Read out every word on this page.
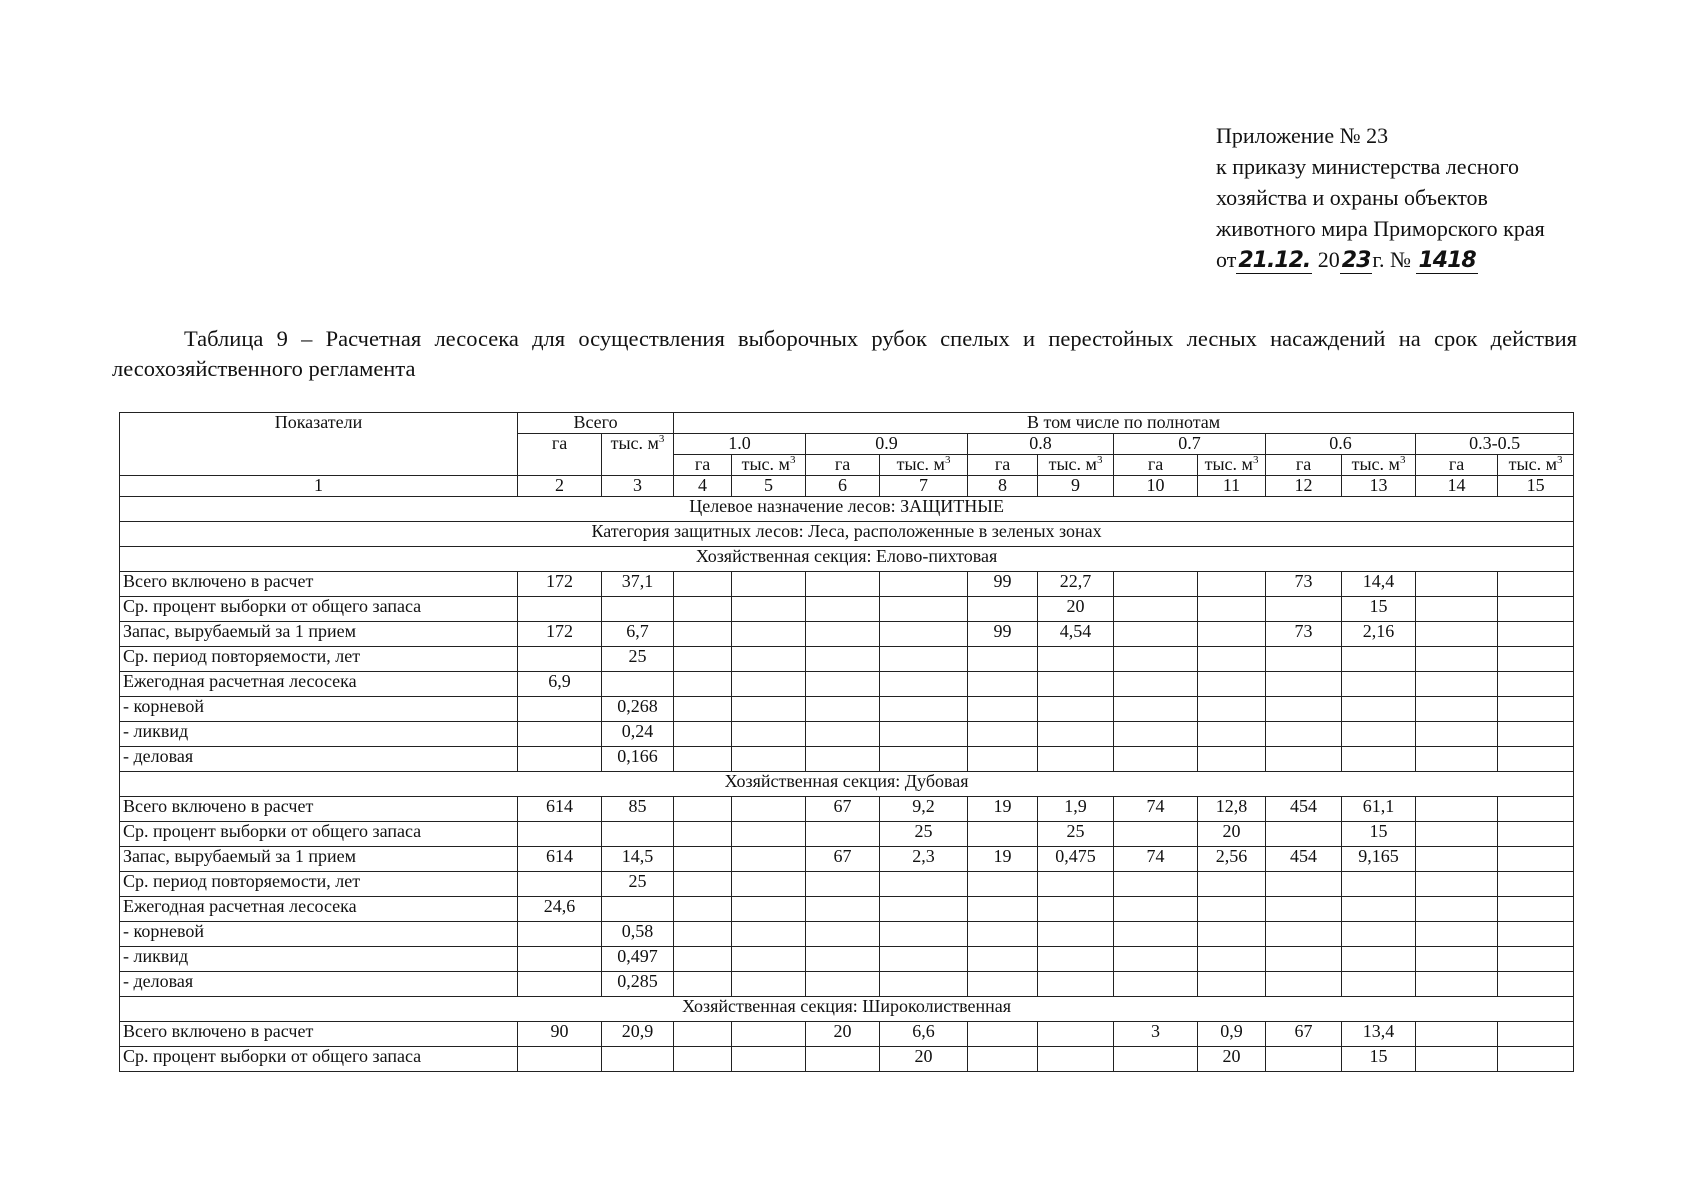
Приложение № 23
к приказу министерства лесного
хозяйства и охраны объектов
животного мира Приморского края
от21.12. 2023г. № 1418
Таблица 9 – Расчетная лесосека для осуществления выборочных рубок спелых и перестойных лесных насаждений на срок действия лесохозяйственного регламента
Показатели	Всего		В том числе по полнотам											
	га	тыс. $м^3$	1.0		0.9		0.8		0.7		0.6		0.3-0.5	
			га	тыс. $м^3$	га	тыс. $м^3$	га	тыс. $м^3$	га	тыс. $м^3$	га	тыс. $м^3$	га	тыс. $м^3$
1	2	3	4	5	6	7	8	9	10	11	12	13	14	15
Целевое назначение лесов: ЗАЩИТНЫЕ														
Категория защитных лесов: Леса, расположенные в зеленых зонах														
Хозяйственная секция: Елово-пихтовая														
Всего включено в расчет	172	37,1					99	22,7			73	14,4		
Ср. процент выборки от общего запаса								20				15		
Запас, вырубаемый за 1 прием	172	6,7					99	4,54			73	2,16		
Ср. период повторяемости, лет		25												
Ежегодная расчетная лесосека	6,9													
- корневой		0,268												
- ликвид		0,24												
- деловая		0,166												
Хозяйственная секция: Дубовая														
Всего включено в расчет	614	85			67	9,2	19	1,9	74	12,8	454	61,1		
Ср. процент выборки от общего запаса						25		25		20		15		
Запас, вырубаемый за 1 прием	614	14,5			67	2,3	19	0,475	74	2,56	454	9,165		
Ср. период повторяемости, лет		25												
Ежегодная расчетная лесосека	24,6													
- корневой		0,58												
- ликвид		0,497												
- деловая		0,285												
Хозяйственная секция: Широколиственная														
Всего включено в расчет	90	20,9			20	6,6			3	0,9	67	13,4		
Ср. процент выборки от общего запаса						20				20		15		
